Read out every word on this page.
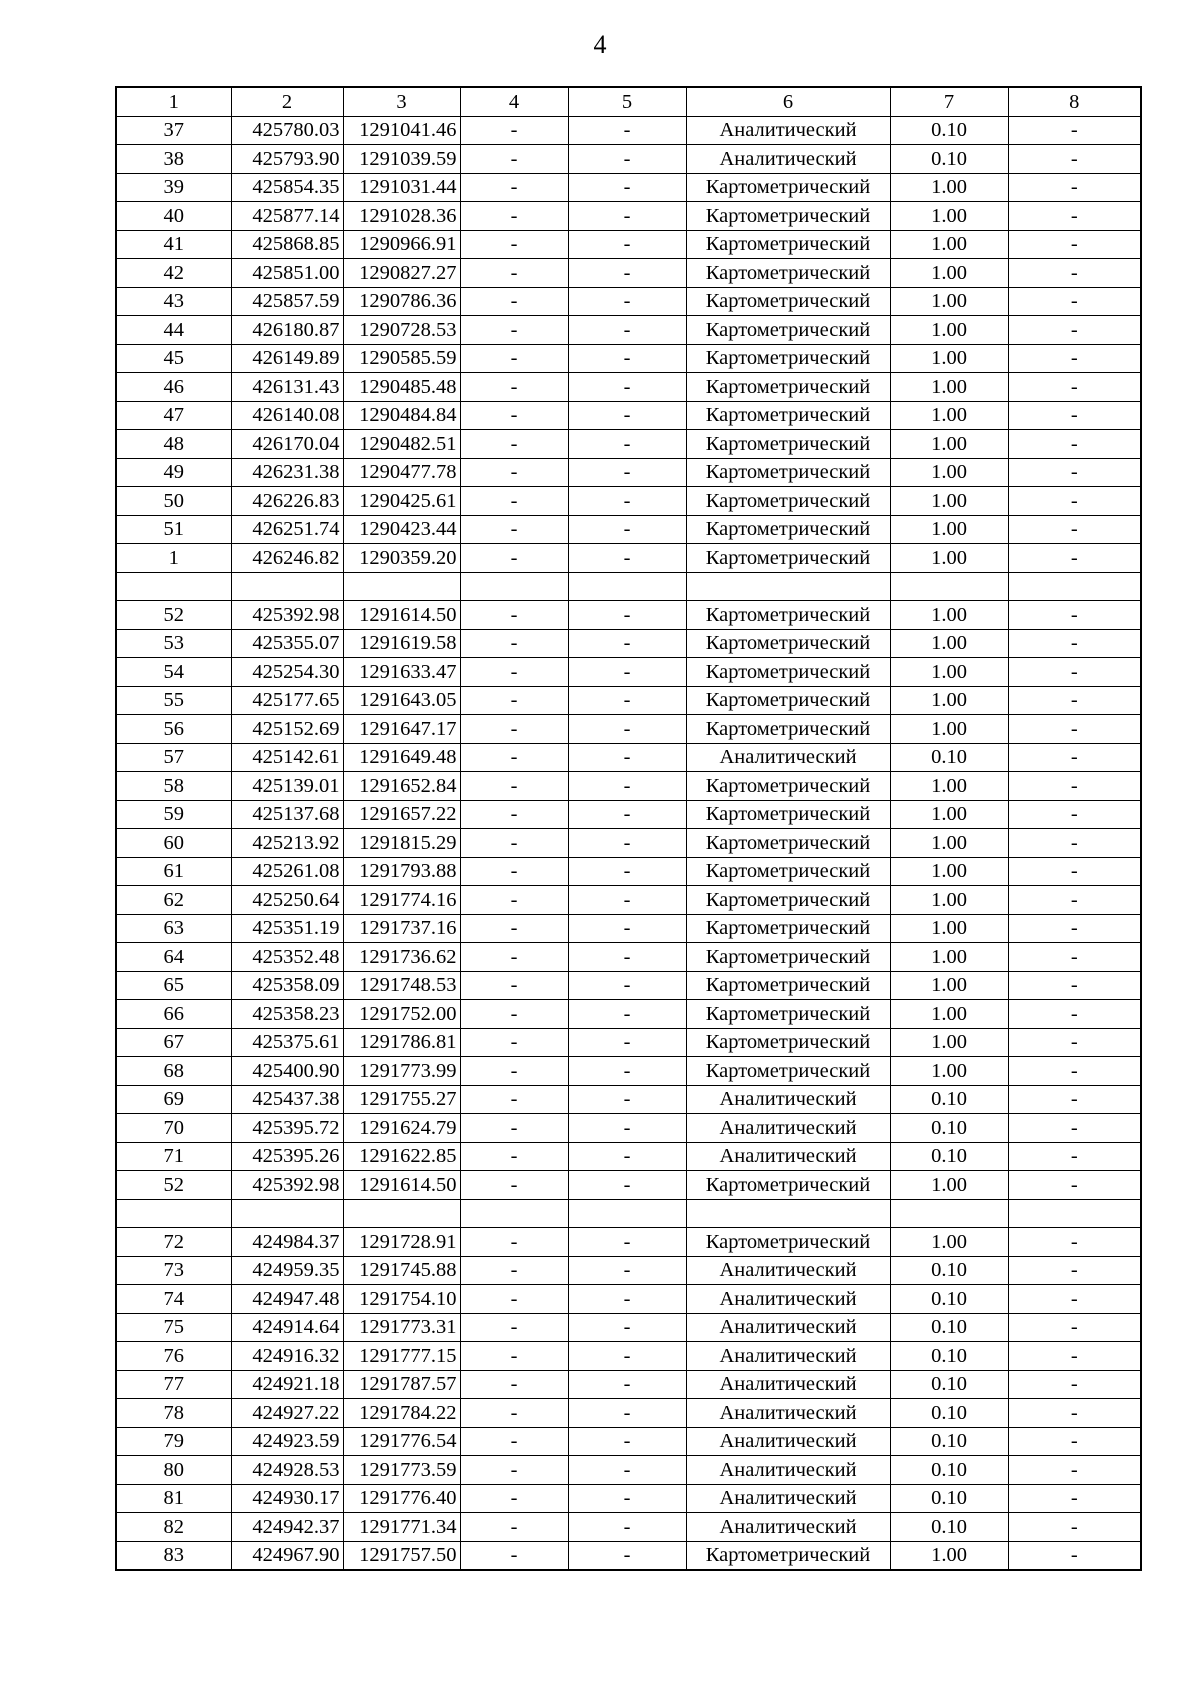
4
1	2	3	4	5	6	7	8
37	425780.03	1291041.46	-	-	Аналитический	0.10	-
38	425793.90	1291039.59	-	-	Аналитический	0.10	-
39	425854.35	1291031.44	-	-	Картометрический	1.00	-
40	425877.14	1291028.36	-	-	Картометрический	1.00	-
41	425868.85	1290966.91	-	-	Картометрический	1.00	-
42	425851.00	1290827.27	-	-	Картометрический	1.00	-
43	425857.59	1290786.36	-	-	Картометрический	1.00	-
44	426180.87	1290728.53	-	-	Картометрический	1.00	-
45	426149.89	1290585.59	-	-	Картометрический	1.00	-
46	426131.43	1290485.48	-	-	Картометрический	1.00	-
47	426140.08	1290484.84	-	-	Картометрический	1.00	-
48	426170.04	1290482.51	-	-	Картометрический	1.00	-
49	426231.38	1290477.78	-	-	Картометрический	1.00	-
50	426226.83	1290425.61	-	-	Картометрический	1.00	-
51	426251.74	1290423.44	-	-	Картометрический	1.00	-
1	426246.82	1290359.20	-	-	Картометрический	1.00	-

52	425392.98	1291614.50	-	-	Картометрический	1.00	-
53	425355.07	1291619.58	-	-	Картометрический	1.00	-
54	425254.30	1291633.47	-	-	Картометрический	1.00	-
55	425177.65	1291643.05	-	-	Картометрический	1.00	-
56	425152.69	1291647.17	-	-	Картометрический	1.00	-
57	425142.61	1291649.48	-	-	Аналитический	0.10	-
58	425139.01	1291652.84	-	-	Картометрический	1.00	-
59	425137.68	1291657.22	-	-	Картометрический	1.00	-
60	425213.92	1291815.29	-	-	Картометрический	1.00	-
61	425261.08	1291793.88	-	-	Картометрический	1.00	-
62	425250.64	1291774.16	-	-	Картометрический	1.00	-
63	425351.19	1291737.16	-	-	Картометрический	1.00	-
64	425352.48	1291736.62	-	-	Картометрический	1.00	-
65	425358.09	1291748.53	-	-	Картометрический	1.00	-
66	425358.23	1291752.00	-	-	Картометрический	1.00	-
67	425375.61	1291786.81	-	-	Картометрический	1.00	-
68	425400.90	1291773.99	-	-	Картометрический	1.00	-
69	425437.38	1291755.27	-	-	Аналитический	0.10	-
70	425395.72	1291624.79	-	-	Аналитический	0.10	-
71	425395.26	1291622.85	-	-	Аналитический	0.10	-
52	425392.98	1291614.50	-	-	Картометрический	1.00	-

72	424984.37	1291728.91	-	-	Картометрический	1.00	-
73	424959.35	1291745.88	-	-	Аналитический	0.10	-
74	424947.48	1291754.10	-	-	Аналитический	0.10	-
75	424914.64	1291773.31	-	-	Аналитический	0.10	-
76	424916.32	1291777.15	-	-	Аналитический	0.10	-
77	424921.18	1291787.57	-	-	Аналитический	0.10	-
78	424927.22	1291784.22	-	-	Аналитический	0.10	-
79	424923.59	1291776.54	-	-	Аналитический	0.10	-
80	424928.53	1291773.59	-	-	Аналитический	0.10	-
81	424930.17	1291776.40	-	-	Аналитический	0.10	-
82	424942.37	1291771.34	-	-	Аналитический	0.10	-
83	424967.90	1291757.50	-	-	Картометрический	1.00	-
